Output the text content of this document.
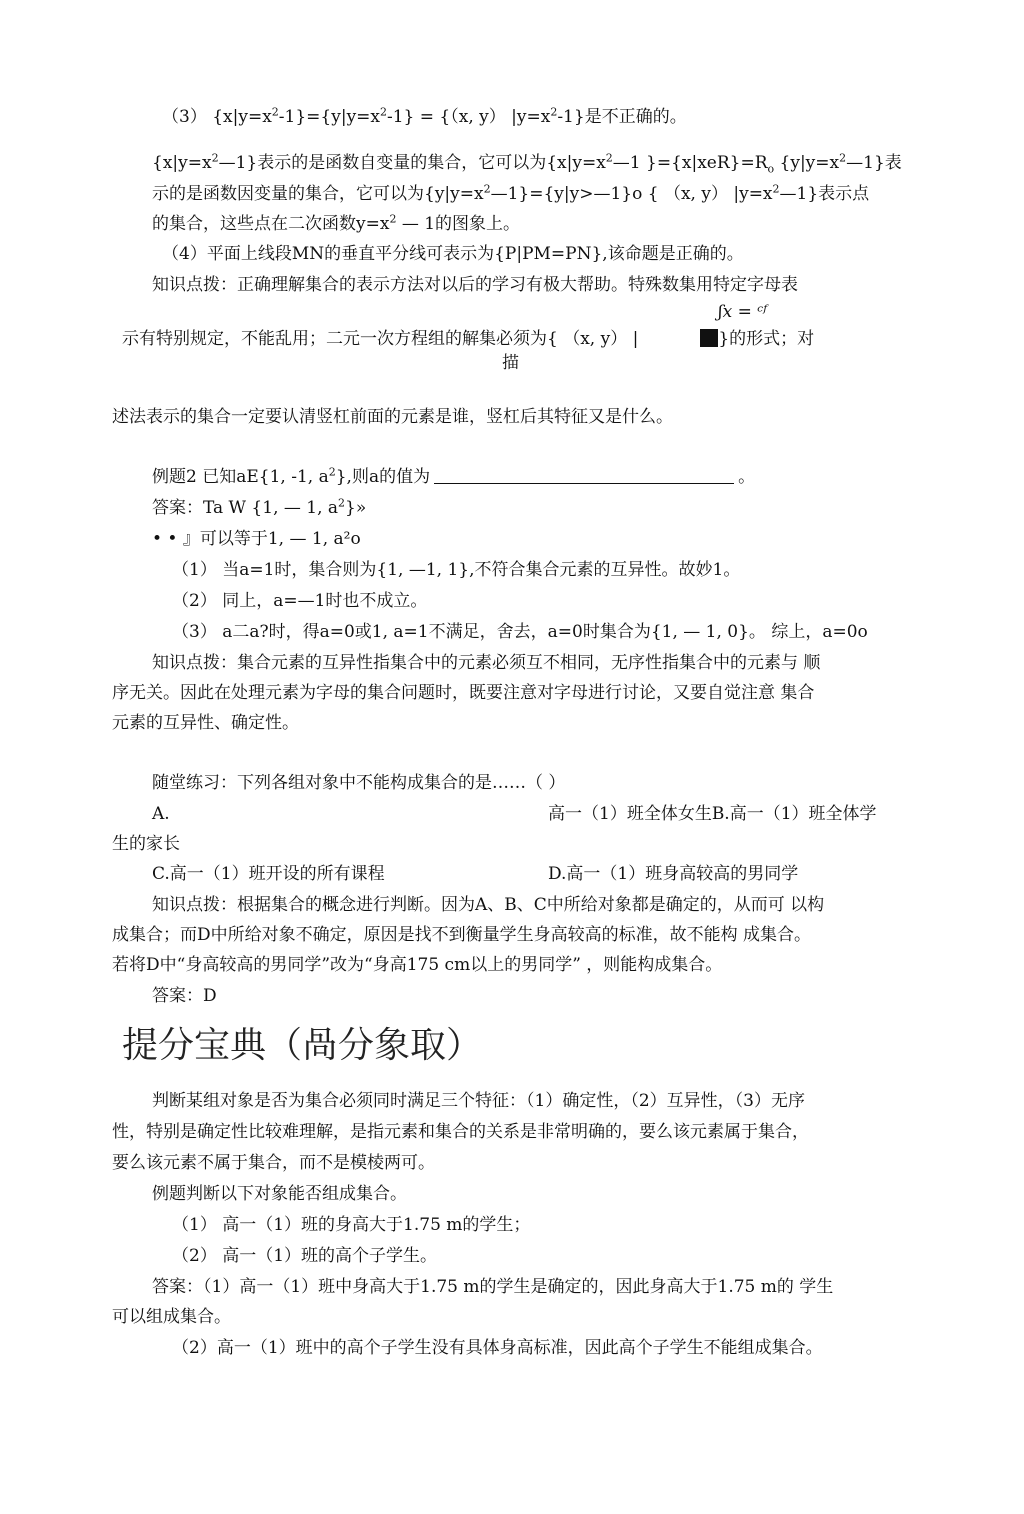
（3） $\{x|y=x^2-1\}=\{y|y=x^2-1\} = \{(x$, y） $|y=x^2-1$}是不正确的。
$\{x|y=x^2—1\}$表示的是函数自变量的集合，它可以为{$x|y=x^2—1$ }$=\{x|xeR\}=R_o$ $\{y|y=x^2—1\}$表
示的是函数因变量的集合，它可以为$\{y|y=x^2—1\}=\{y|y>—1\}o$ { （x, y） $|y=x^2—1$}表示点
的集合，这些点在二次函数$y=x^2$ — 1的图象上。
（4）平面上线段MN的垂直平分线可表示为{P|PM=PN},该命题是正确的。
知识点拨：正确理解集合的表示方法对以后的学习有极大帮助。特殊数集用特定字母表
ʃx = ᶜᶠ
示有特别规定，不能乱用；二元一次方程组的解集必须为{ （x, y） |	}的形式；对
描
述法表示的集合一定要认清竖杠前面的元素是谁，竖杠后其特征又是什么。
例题2 已知aE{1, -1, $a^2$},则a的值为	。
答案：Ta W {1, — 1, $a^2$}»
• • 』可以等于1, — 1, a²o
（1） 当a=1时，集合则为{1, —1, 1},不符合集合元素的互异性。故妙1。
（2） 同上，a=—1时也不成立。
（3） a二a?时，得a=0或1, a=1不满足，舍去，a=0时集合为{1, — 1, 0}。 综上，a=0o
知识点拨：集合元素的互异性指集合中的元素必须互不相同，无序性指集合中的元素与 顺
序无关。因此在处理元素为字母的集合问题时，既要注意对字母进行讨论，又要自觉注意 集合
元素的互异性、确定性。
随堂练习：下列各组对象中不能构成集合的是……（ ）
A.	高一（1）班全体女生B.高一（1）班全体学
生的家长
C.高一（1）班开设的所有课程	D.高一（1）班身高较高的男同学
知识点拨：根据集合的概念进行判断。因为A、B、C中所给对象都是确定的，从而可 以构
成集合；而D中所给对象不确定，原因是找不到衡量学生身高较高的标准，故不能构 成集合。
若将D中“身高较高的男同学”改为“身高175 cm以上的男同学” ，则能构成集合。
答案：D
提分宝典（咼分象取）
判断某组对象是否为集合必须同时满足三个特征：（1）确定性，（2）互异性，（3）无序
性，特别是确定性比较难理解，是指元素和集合的关系是非常明确的，要么该元素属于集合，
要么该元素不属于集合，而不是模棱两可。
例题判断以下对象能否组成集合。
（1） 高一（1）班的身高大于1.75 m的学生；
（2） 高一（1）班的高个子学生。
答案：（1）高一（1）班中身高大于1.75 m的学生是确定的，因此身高大于1.75 m的 学生
可以组成集合。
（2）高一（1）班中的高个子学生没有具体身高标准，因此高个子学生不能组成集合。
